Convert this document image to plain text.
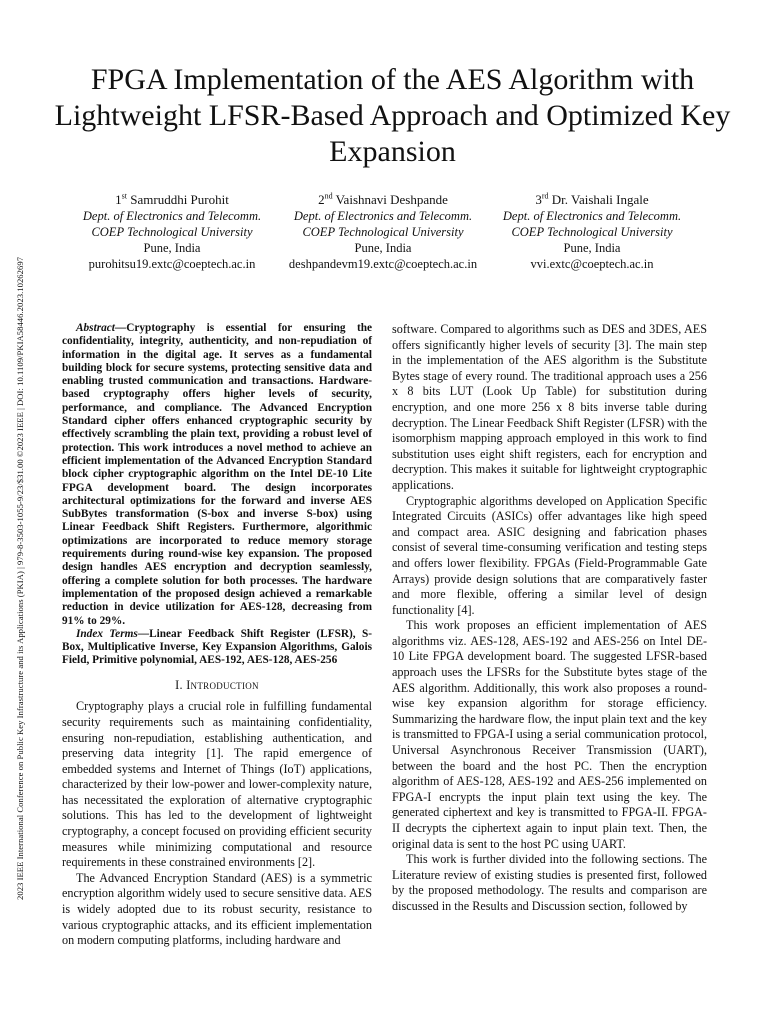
2023 IEEE International Conference on Public Key Infrastructure and its Applications (PKIA) | 979-8-3503-1055-9/23/$31.00 ©2023 IEEE | DOI: 10.1109/PKIA58446.2023.10262697
FPGA Implementation of the AES Algorithm with Lightweight LFSR-Based Approach and Optimized Key Expansion
1st Samruddhi Purohit
Dept. of Electronics and Telecomm.
COEP Technological University
Pune, India
purohitsu19.extc@coeptech.ac.in
2nd Vaishnavi Deshpande
Dept. of Electronics and Telecomm.
COEP Technological University
Pune, India
deshpandevm19.extc@coeptech.ac.in
3rd Dr. Vaishali Ingale
Dept. of Electronics and Telecomm.
COEP Technological University
Pune, India
vvi.extc@coeptech.ac.in

Abstract—Cryptography is essential for ensuring the confidentiality, integrity, authenticity, and non-repudiation of information in the digital age. It serves as a fundamental building block for secure systems, protecting sensitive data and enabling trusted communication and transactions. Hardware-based cryptography offers higher levels of security, performance, and compliance. The Advanced Encryption Standard cipher offers enhanced cryptographic security by effectively scrambling the plain text, providing a robust level of protection. This work introduces a novel method to achieve an efficient implementation of the Advanced Encryption Standard block cipher cryptographic algorithm on the Intel DE-10 Lite FPGA development board. The design incorporates architectural optimizations for the forward and inverse AES SubBytes transformation (S-box and inverse S-box) using Linear Feedback Shift Registers. Furthermore, algorithmic optimizations are incorporated to reduce memory storage requirements during round-wise key expansion. The proposed design handles AES encryption and decryption seamlessly, offering a complete solution for both processes. The hardware implementation of the proposed design achieved a remarkable reduction in device utilization for AES-128, decreasing from 91% to 29%.

Index Terms—Linear Feedback Shift Register (LFSR), S-Box, Multiplicative Inverse, Key Expansion Algorithms, Galois Field, Primitive polynomial, AES-192, AES-128, AES-256

I. Introduction

Cryptography plays a crucial role in fulfilling fundamental security requirements such as maintaining confidentiality, ensuring non-repudiation, establishing authentication, and preserving data integrity [1]. The rapid emergence of embedded systems and Internet of Things (IoT) applications, characterized by their low-power and lower-complexity nature, has necessitated the exploration of alternative cryptographic solutions. This has led to the development of lightweight cryptography, a concept focused on providing efficient security measures while minimizing computational and resource requirements in these constrained environments [2].

The Advanced Encryption Standard (AES) is a symmetric encryption algorithm widely used to secure sensitive data. AES is widely adopted due to its robust security, resistance to various cryptographic attacks, and its efficient implementation on modern computing platforms, including hardware and

software. Compared to algorithms such as DES and 3DES, AES offers significantly higher levels of security [3]. The main step in the implementation of the AES algorithm is the Substitute Bytes stage of every round. The traditional approach uses a 256 x 8 bits LUT (Look Up Table) for substitution during encryption, and one more 256 x 8 bits inverse table during decryption. The Linear Feedback Shift Register (LFSR) with the isomorphism mapping approach employed in this work to find substitution uses eight shift registers, each for encryption and decryption. This makes it suitable for lightweight cryptographic applications.

Cryptographic algorithms developed on Application Specific Integrated Circuits (ASICs) offer advantages like high speed and compact area. ASIC designing and fabrication phases consist of several time-consuming verification and testing steps and offers lower flexibility. FPGAs (Field-Programmable Gate Arrays) provide design solutions that are comparatively faster and more flexible, offering a similar level of design functionality [4].

This work proposes an efficient implementation of AES algorithms viz. AES-128, AES-192 and AES-256 on Intel DE-10 Lite FPGA development board. The suggested LFSR-based approach uses the LFSRs for the Substitute bytes stage of the AES algorithm. Additionally, this work also proposes a round-wise key expansion algorithm for storage efficiency. Summarizing the hardware flow, the input plain text and the key is transmitted to FPGA-I using a serial communication protocol, Universal Asynchronous Receiver Transmission (UART), between the board and the host PC. Then the encryption algorithm of AES-128, AES-192 and AES-256 implemented on FPGA-I encrypts the input plain text using the key. The generated ciphertext and key is transmitted to FPGA-II. FPGA-II decrypts the ciphertext again to input plain text. Then, the original data is sent to the host PC using UART.

This work is further divided into the following sections. The Literature review of existing studies is presented first, followed by the proposed methodology. The results and comparison are discussed in the Results and Discussion section, followed by
